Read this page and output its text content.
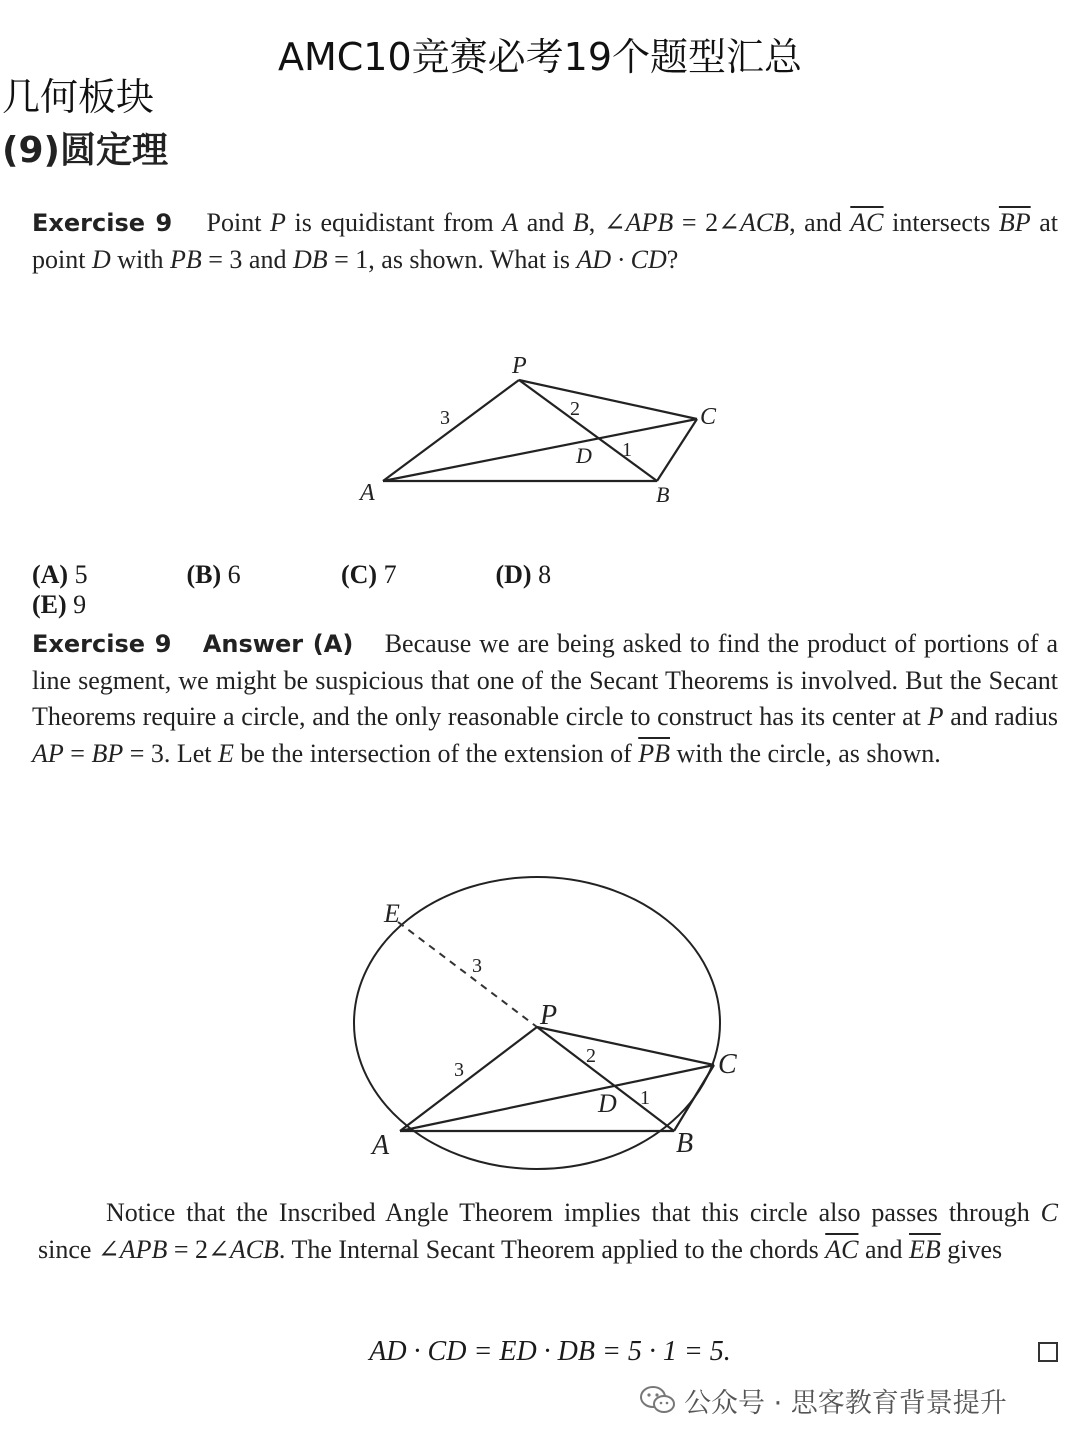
AMC10竞赛必考19个题型汇总
几何板块
(9)圆定理
Exercise 9 Point P is equidistant from A and B, ∠APB = 2∠ACB, and $\overline{AC}$ intersects $\overline{BP}$ at point D with PB = 3 and DB = 1, as shown. What is AD · CD?
P
A	B
C
D
3	2
1
(A) 5	(B) 6	(C) 7	(D) 8 (E) 9
Exercise 9 Answer (A) Because we are being asked to find the product of portions of a line segment, we might be suspicious that one of the Secant Theorems is involved. But the Secant Theorems require a circle, and the only reasonable circle to construct has its center at P and radius AP = BP = 3. Let E be the intersection of the extension of $\overline{PB}$ with the circle, as shown.
E
P
A	B
C
D
3
3
2
1
Notice that the Inscribed Angle Theorem implies that this circle also passes through C since ∠APB = 2∠ACB. The Internal Secant Theorem applied to the chords $\overline{AC}$ and $\overline{EB}$ gives
AD · CD = ED · DB = 5 · 1 = 5.
公众号 · 思客教育背景提升
